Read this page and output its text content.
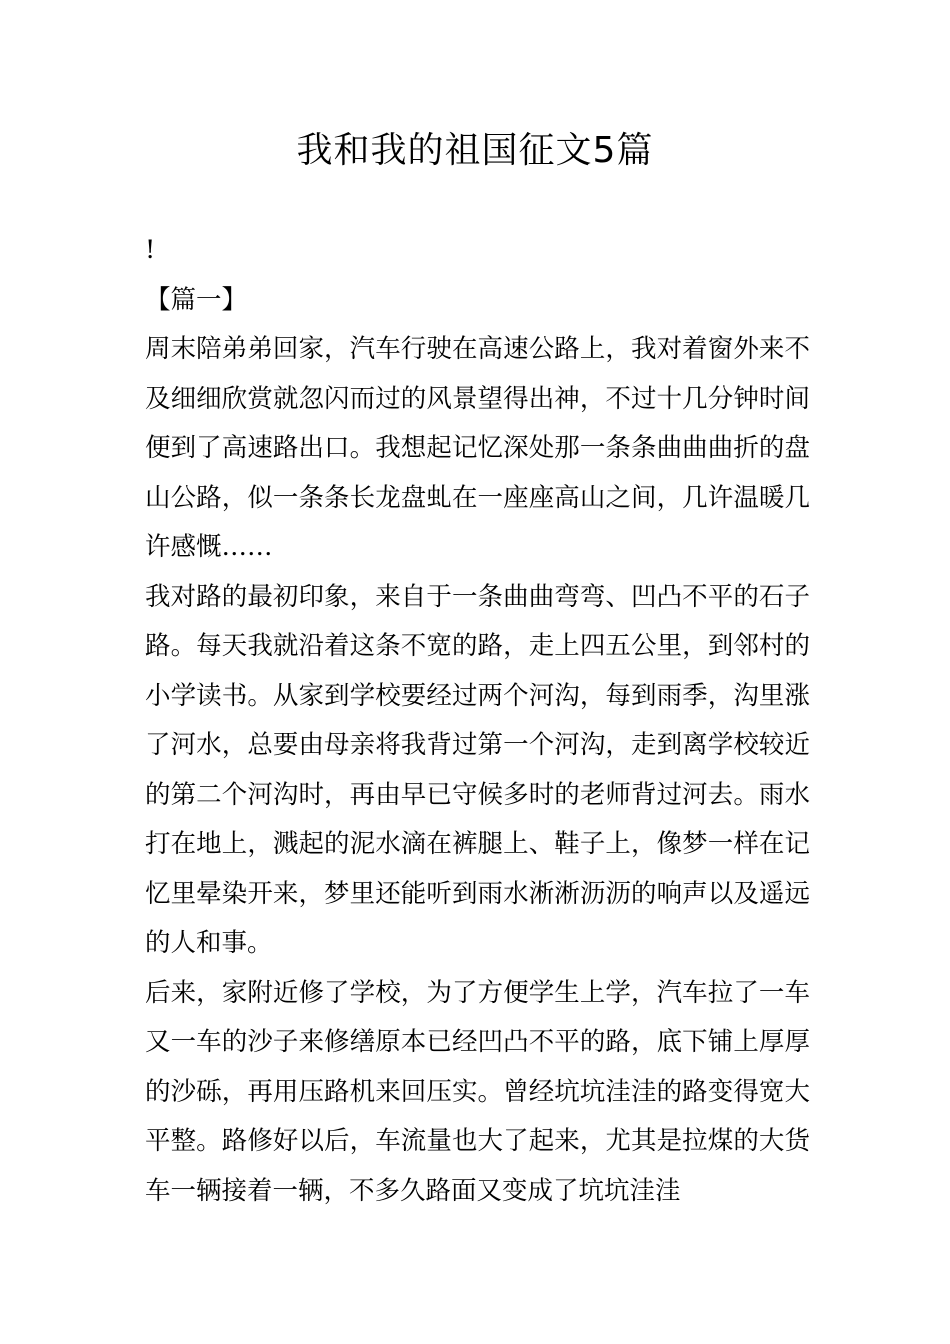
我和我的祖国征文5篇

!

【篇一】

周末陪弟弟回家，汽车行驶在高速公路上，我对着窗外来不及细细欣赏就忽闪而过的风景望得出神，不过十几分钟时间便到了高速路出口。我想起记忆深处那一条条曲曲曲折的盘山公路，似一条条长龙盘虬在一座座高山之间，几许温暖几许感慨……

我对路的最初印象，来自于一条曲曲弯弯、凹凸不平的石子路。每天我就沿着这条不宽的路，走上四五公里，到邻村的小学读书。从家到学校要经过两个河沟，每到雨季，沟里涨了河水，总要由母亲将我背过第一个河沟，走到离学校较近的第二个河沟时，再由早已守候多时的老师背过河去。雨水打在地上，溅起的泥水滴在裤腿上、鞋子上，像梦一样在记忆里晕染开来，梦里还能听到雨水淅淅沥沥的响声以及遥远的人和事。

后来，家附近修了学校，为了方便学生上学，汽车拉了一车又一车的沙子来修缮原本已经凹凸不平的路，底下铺上厚厚的沙砾，再用压路机来回压实。曾经坑坑洼洼的路变得宽大平整。路修好以后，车流量也大了起来，尤其是拉煤的大货车一辆接着一辆，不多久路面又变成了坑坑洼洼
